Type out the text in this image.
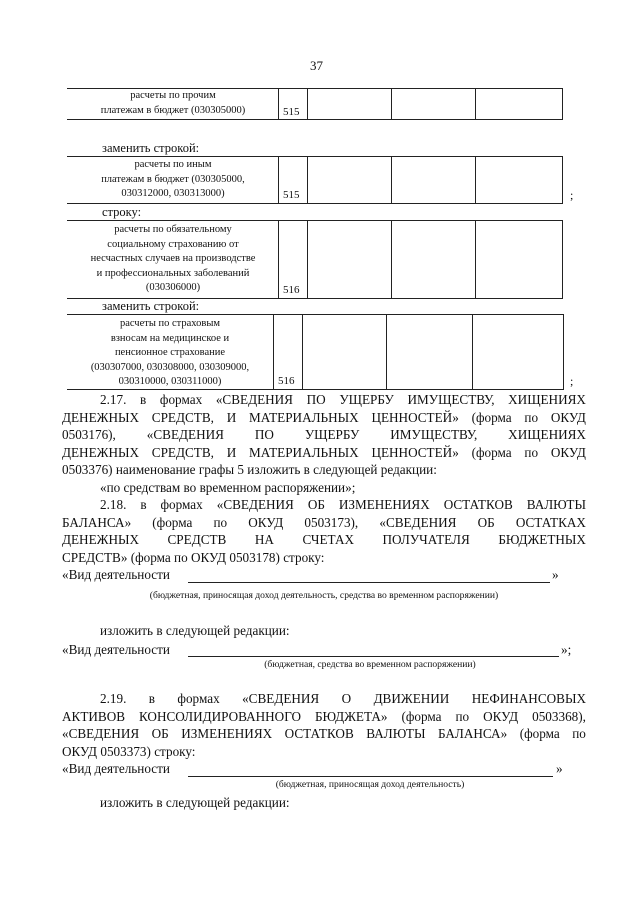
37
расчеты по прочим
платежам в бюджет (030305000)	515
заменить строкой:
расчеты по иным
платежам в бюджет (030305000,
030312000, 030313000)	515	;
строку:
расчеты по обязательному
социальному страхованию от
несчастных случаев на производстве
и профессиональных заболеваний
(030306000)	516
заменить строкой:
расчеты по страховым
взносам на медицинское и
пенсионное страхование
(030307000, 030308000, 030309000,
030310000, 030311000)	516	;
2.17. в формах «СВЕДЕНИЯ ПО УЩЕРБУ ИМУЩЕСТВУ, ХИЩЕНИЯХ
ДЕНЕЖНЫХ СРЕДСТВ, И МАТЕРИАЛЬНЫХ ЦЕННОСТЕЙ» (форма по ОКУД
0503176), «СВЕДЕНИЯ ПО УЩЕРБУ ИМУЩЕСТВУ, ХИЩЕНИЯХ
ДЕНЕЖНЫХ СРЕДСТВ, И МАТЕРИАЛЬНЫХ ЦЕННОСТЕЙ» (форма по ОКУД
0503376) наименование графы 5 изложить в следующей редакции:
«по средствам во временном распоряжении»;
2.18. в формах «СВЕДЕНИЯ ОБ ИЗМЕНЕНИЯХ ОСТАТКОВ ВАЛЮТЫ
БАЛАНСА» (форма по ОКУД 0503173), «СВЕДЕНИЯ ОБ ОСТАТКАХ
ДЕНЕЖНЫХ СРЕДСТВ НА СЧЕТАХ ПОЛУЧАТЕЛЯ БЮДЖЕТНЫХ
СРЕДСТВ» (форма по ОКУД 0503178) строку:
«Вид деятельности	»
(бюджетная, приносящая доход деятельность, средства во временном распоряжении)
изложить в следующей редакции:
«Вид деятельности	»;
(бюджетная, средства во временном распоряжении)
2.19. в формах «СВЕДЕНИЯ О ДВИЖЕНИИ НЕФИНАНСОВЫХ
АКТИВОВ КОНСОЛИДИРОВАННОГО БЮДЖЕТА» (форма по ОКУД 0503368),
«СВЕДЕНИЯ ОБ ИЗМЕНЕНИЯХ ОСТАТКОВ ВАЛЮТЫ БАЛАНСА» (форма по
ОКУД 0503373) строку:
«Вид деятельности	»
(бюджетная, приносящая доход деятельность)
изложить в следующей редакции:
